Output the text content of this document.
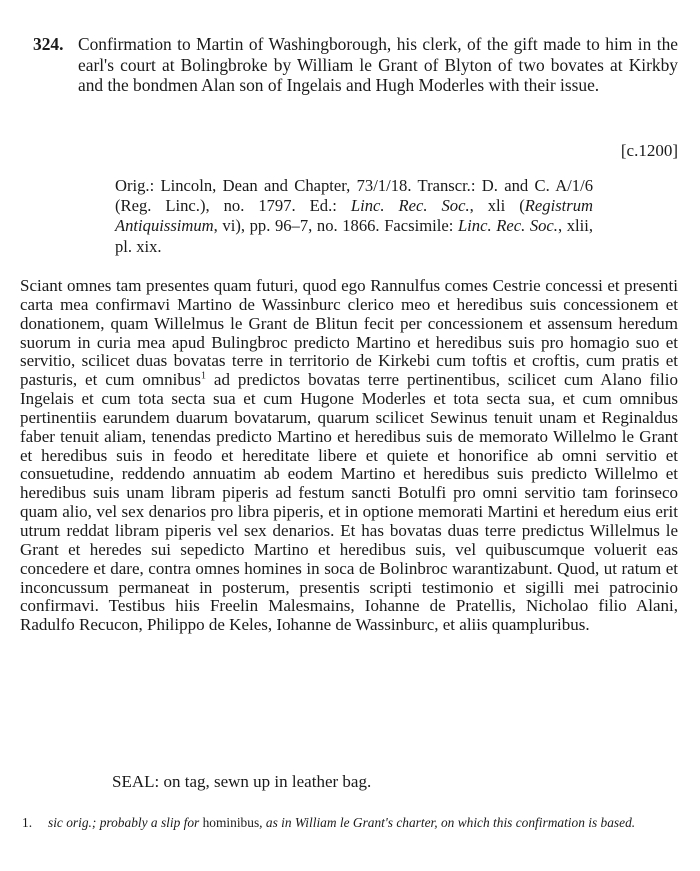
324. Confirmation to Martin of Washingborough, his clerk, of the gift made to him in the earl's court at Bolingbroke by William le Grant of Blyton of two bovates at Kirkby and the bondmen Alan son of Ingelais and Hugh Moderles with their issue.
[c.1200]
Orig.: Lincoln, Dean and Chapter, 73/1/18. Transcr.: D. and C. A/1/6 (Reg. Linc.), no. 1797. Ed.: Linc. Rec. Soc., xli (Registrum Antiquissimum, vi), pp. 96–7, no. 1866. Facsimile: Linc. Rec. Soc., xlii, pl. xix.
Sciant omnes tam presentes quam futuri, quod ego Rannulfus comes Cestrie concessi et presenti carta mea confirmavi Martino de Wassinburc clerico meo et heredibus suis concessionem et donationem, quam Willelmus le Grant de Blitun fecit per concessionem et assensum heredum suorum in curia mea apud Bulingbroc predicto Martino et heredibus suis pro homagio suo et servitio, scilicet duas bovatas terre in territorio de Kirkebi cum toftis et croftis, cum pratis et pasturis, et cum omnibus$^1$ ad predictos bovatas terre pertinentibus, scilicet cum Alano filio Ingelais et cum tota secta sua et cum Hugone Moderles et tota secta sua, et cum omnibus pertinentiis earundem duarum bovatarum, quarum scilicet Sewinus tenuit unam et Reginaldus faber tenuit aliam, tenendas predicto Martino et heredibus suis de memorato Willelmo le Grant et heredibus suis in feodo et hereditate libere et quiete et honorifice ab omni servitio et consuetudine, reddendo annuatim ab eodem Martino et heredibus suis predicto Willelmo et heredibus suis unam libram piperis ad festum sancti Botulfi pro omni servitio tam forinseco quam alio, vel sex denarios pro libra piperis, et in optione memorati Martini et heredum eius erit utrum reddat libram piperis vel sex denarios. Et has bovatas duas terre predictus Willelmus le Grant et heredes sui sepedicto Martino et heredibus suis, vel quibuscumque voluerit eas concedere et dare, contra omnes homines in soca de Bolinbroc warantizabunt. Quod, ut ratum et inconcussum permaneat in posterum, presentis scripti testimonio et sigilli mei patrocinio confirmavi. Testibus hiis Freelin Malesmains, Iohanne de Pratellis, Nicholao filio Alani, Radulfo Recucon, Philippo de Keles, Iohanne de Wassinburc, et aliis quampluribus.
SEAL: on tag, sewn up in leather bag.
1. sic orig.; probably a slip for hominibus, as in William le Grant's charter, on which this confirmation is based.
